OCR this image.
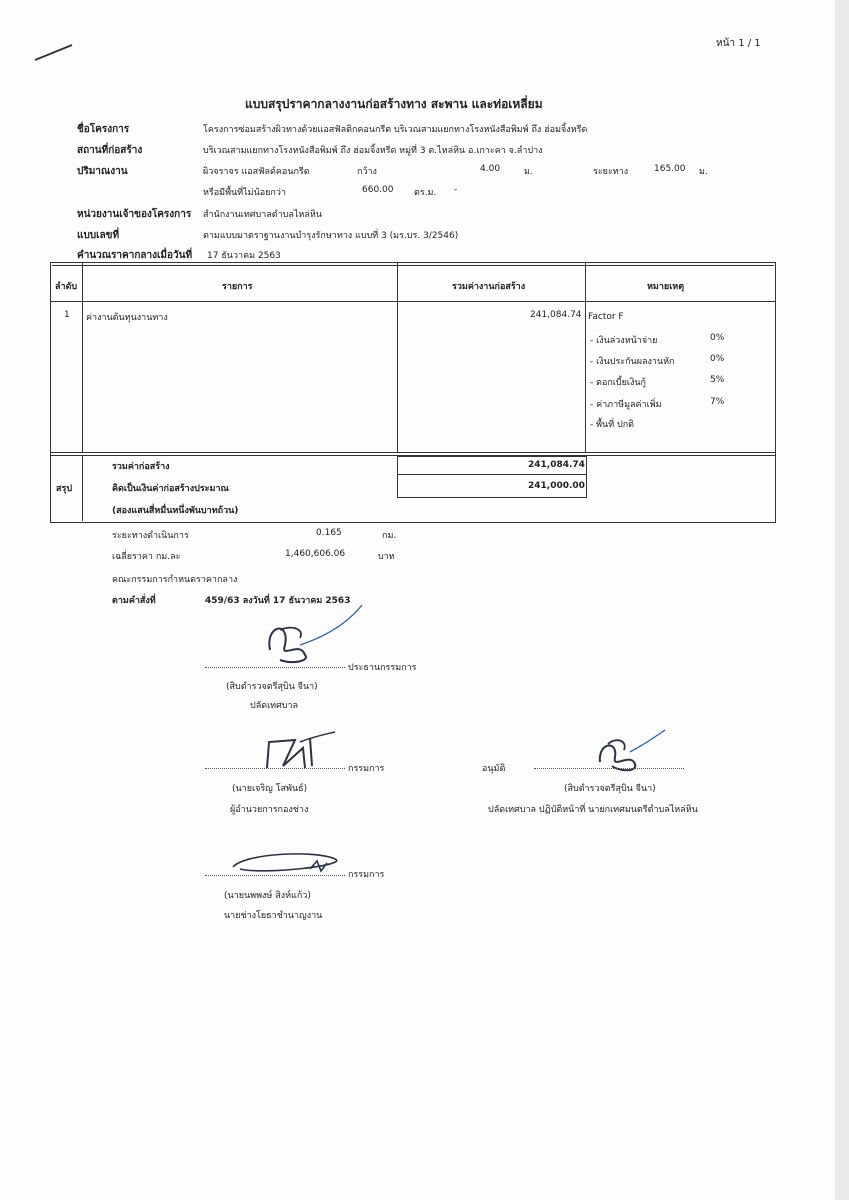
หน้า 1 / 1
แบบสรุปราคากลางงานก่อสร้างทาง สะพาน และท่อเหลี่ยม
ชื่อโครงการ	โครงการซ่อมสร้างผิวทางด้วยแอสฟัลติกคอนกรีต บริเวณสามแยกทางโรงหนังสือพิมพ์ ถึง ฮ่อมจิ้งหรีด
สถานที่ก่อสร้าง	บริเวณสามแยกทางโรงหนังสือพิมพ์ ถึง ฮ่อมจิ้งหรีด หมู่ที่ 3 ต.ไหล่หิน อ.เกาะคา จ.ลำปาง
ปริมาณงาน	ผิวจราจร แอสฟัลต์คอนกรีต	กว้าง	4.00	ม.	ระยะทาง	165.00 ม.
หรือมีพื้นที่ไม่น้อยกว่า	660.00 ตร.ม. -
หน่วยงานเจ้าของโครงการ สำนักงานเทศบาลตำบลไหล่หิน
แบบเลขที่	ตามแบบมาตราฐานงานบำรุงรักษาทาง แบบที่ 3 (มร.บร. 3/2546)
คำนวณราคากลางเมื่อวันที่ 17 ธันวาคม 2563
ลำดับ	รายการ	รวมค่างานก่อสร้าง	หมายเหตุ
1 ค่างานต้นทุนงานทาง	241,084.74 Factor F
- เงินล่วงหน้าจ่าย	0%
- เงินประกันผลงานหัก	0%
- ดอกเบี้ยเงินกู้	5%
- ค่าภาษีมูลค่าเพิ่ม	7%
- พื้นที่ ปกติ
สรุป
รวมค่าก่อสร้าง	241,084.74
คิดเป็นเงินค่าก่อสร้างประมาณ	241,000.00
(สองแสนสี่หมื่นหนึ่งพันบาทถ้วน)
ระยะทางดำเนินการ	0.165	กม.
เฉลี่ยราคา กม.ละ	1,460,606.06	บาท
คณะกรรมการกำหนดราคากลาง
ตามคำสั่งที่	459/63 ลงวันที่ 17 ธันวาคม 2563
ประธานกรรมการ
(สิบตำรวจตรีสุบิน จีนา)
ปลัดเทศบาล
กรรมการ
(นายเจริญ โสพันธ์)
ผู้อำนวยการกองช่าง
อนุมัติ
(สิบตำรวจตรีสุบิน จีนา)
ปลัดเทศบาล ปฏิบัติหน้าที่ นายกเทศมนตรีตำบลไหล่หิน
กรรมการ
(นายนพพงษ์ สิงห์แก้ว)
นายช่างโยธาชำนาญงาน
